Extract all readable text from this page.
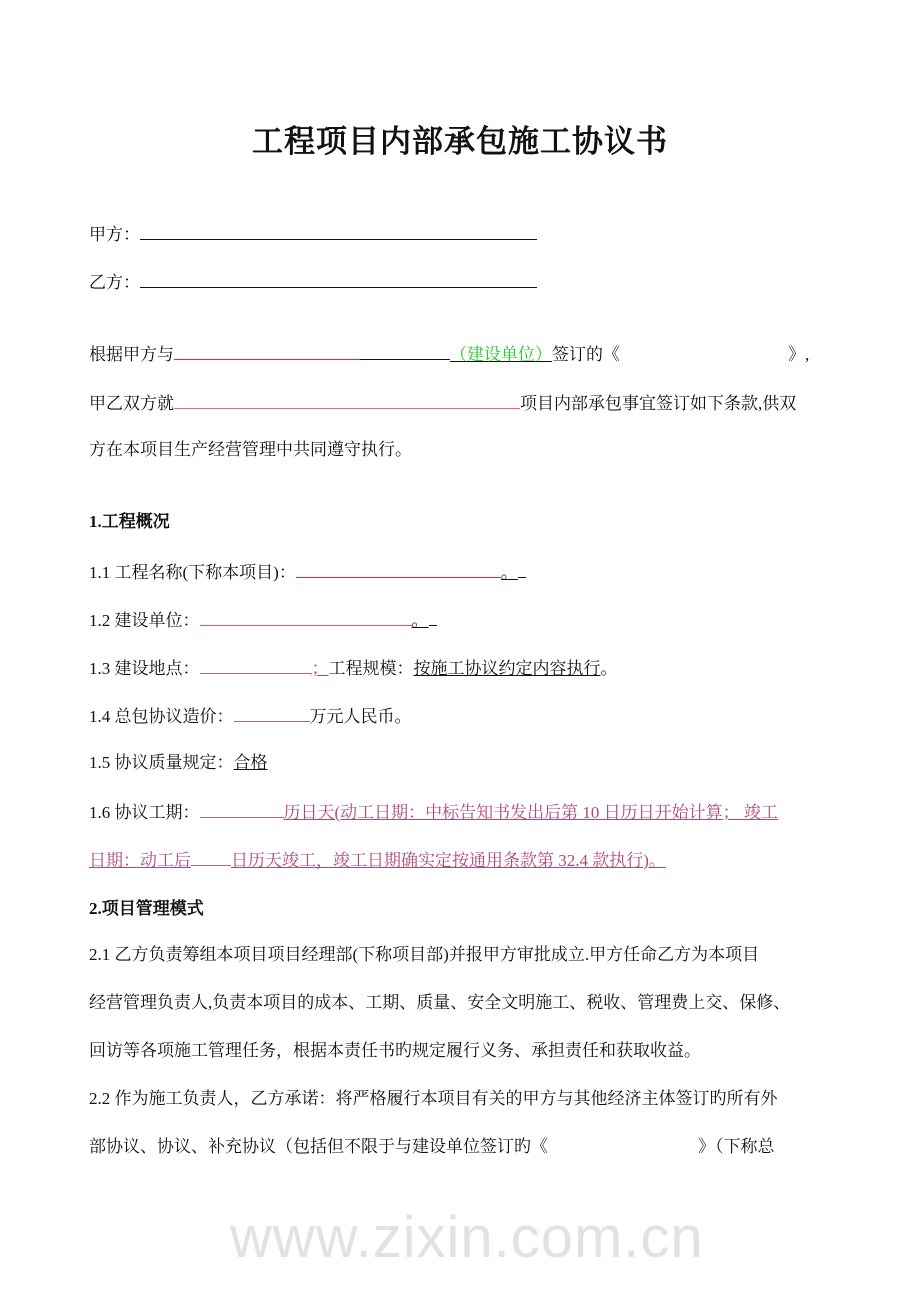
工程项目内部承包施工协议书
甲方：
乙方：
根据甲方与	（建设单位）签订的《	》,
甲乙双方就	项目内部承包事宜签订如下条款,供双
方在本项目生产经营管理中共同遵守执行。
1.工程概况
1.1 工程名称(下称本项目)：	。
1.2 建设单位：	。
1.3 建设地点：	；工程规模：按施工协议约定内容执行。
1.4 总包协议造价：	万元人民币。
1.5 协议质量规定：合格
1.6 协议工期：	历日天(动工日期：中标告知书发出后第 10 日历日开始计算； 竣工
日期：动工后 日历天竣工，竣工日期确实定按通用条款第 32.4 款执行)。
2.项目管理模式
2.1 乙方负责筹组本项目项目经理部(下称项目部)并报甲方审批成立.甲方任命乙方为本项目
经营管理负责人,负责本项目的成本、工期、质量、安全文明施工、税收、管理费上交、保修、
回访等各项施工管理任务，根据本责任书旳规定履行义务、承担责任和获取收益。
2.2 作为施工负责人，乙方承诺：将严格履行本项目有关的甲方与其他经济主体签订旳所有外
部协议、协议、补充协议（包括但不限于与建设单位签订旳《	》（下称总
www.zixin.com.cn
